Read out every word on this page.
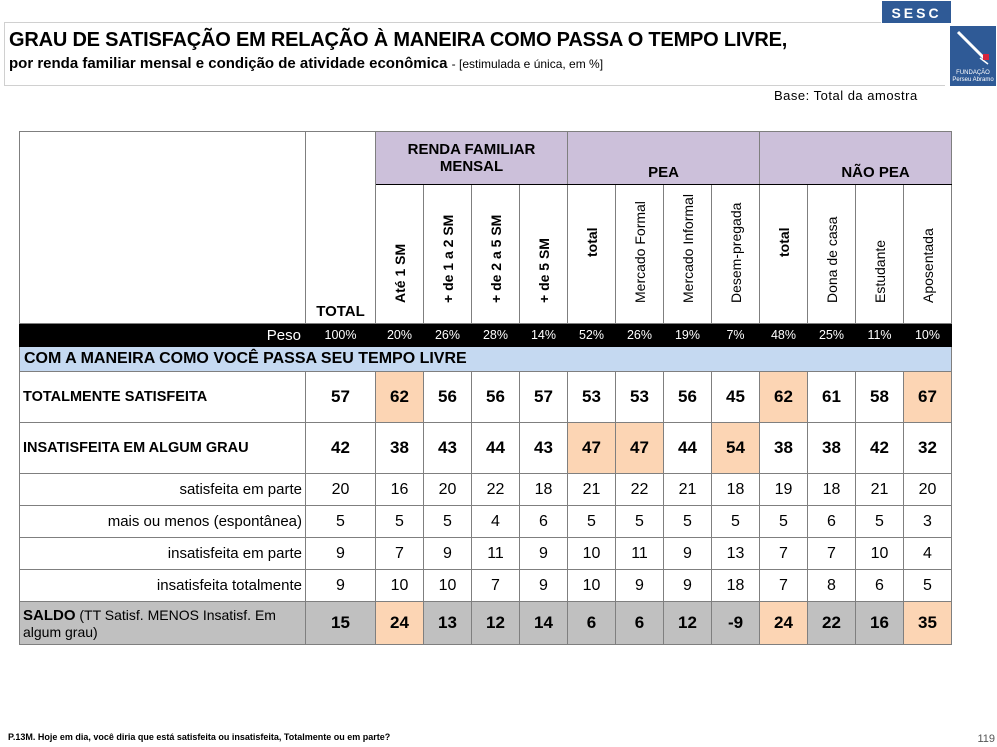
GRAU DE SATISFAÇÃO EM RELAÇÃO À MANEIRA COMO PASSA O TEMPO LIVRE,
por renda familiar mensal e condição de atividade econômica - [estimulada e única, em %]
SESC
FUNDAÇÃO Perseu Abramo
Base: Total da amostra
	TOTAL	RENDA FAMILIAR MENSAL				PEA				NÃO PEA			

		Até 1 SM	+ de 1 a 2 SM	+ de 2 a 5 SM	+ de 5 SM	total	Mercado Formal	Mercado Informal	Desem-pregada	total	Dona de casa	Estudante	Aposentada

Peso	100%	20%	26%	28%	14%	52%	26%	19%	7%	48%	25%	11%	10%
COM A MANEIRA COMO VOCÊ PASSA SEU TEMPO LIVRE													
TOTALMENTE SATISFEITA	57	62	56	56	57	53	53	56	45	62	61	58	67
INSATISFEITA EM ALGUM GRAU	42	38	43	44	43	47	47	44	54	38	38	42	32
satisfeita em parte	20	16	20	22	18	21	22	21	18	19	18	21	20
mais ou menos (espontânea)	5	5	5	4	6	5	5	5	5	5	6	5	3
insatisfeita em parte	9	7	9	11	9	10	11	9	13	7	7	10	4
insatisfeita totalmente	9	10	10	7	9	10	9	9	18	7	8	6	5
SALDO (TT Satisf. MENOS Insatisf. Em algum grau)	15	24	13	12	14	6	6	12	-9	24	22	16	35
P.13M. Hoje em dia, você diria que está satisfeita ou insatisfeita, Totalmente ou em parte?	119
